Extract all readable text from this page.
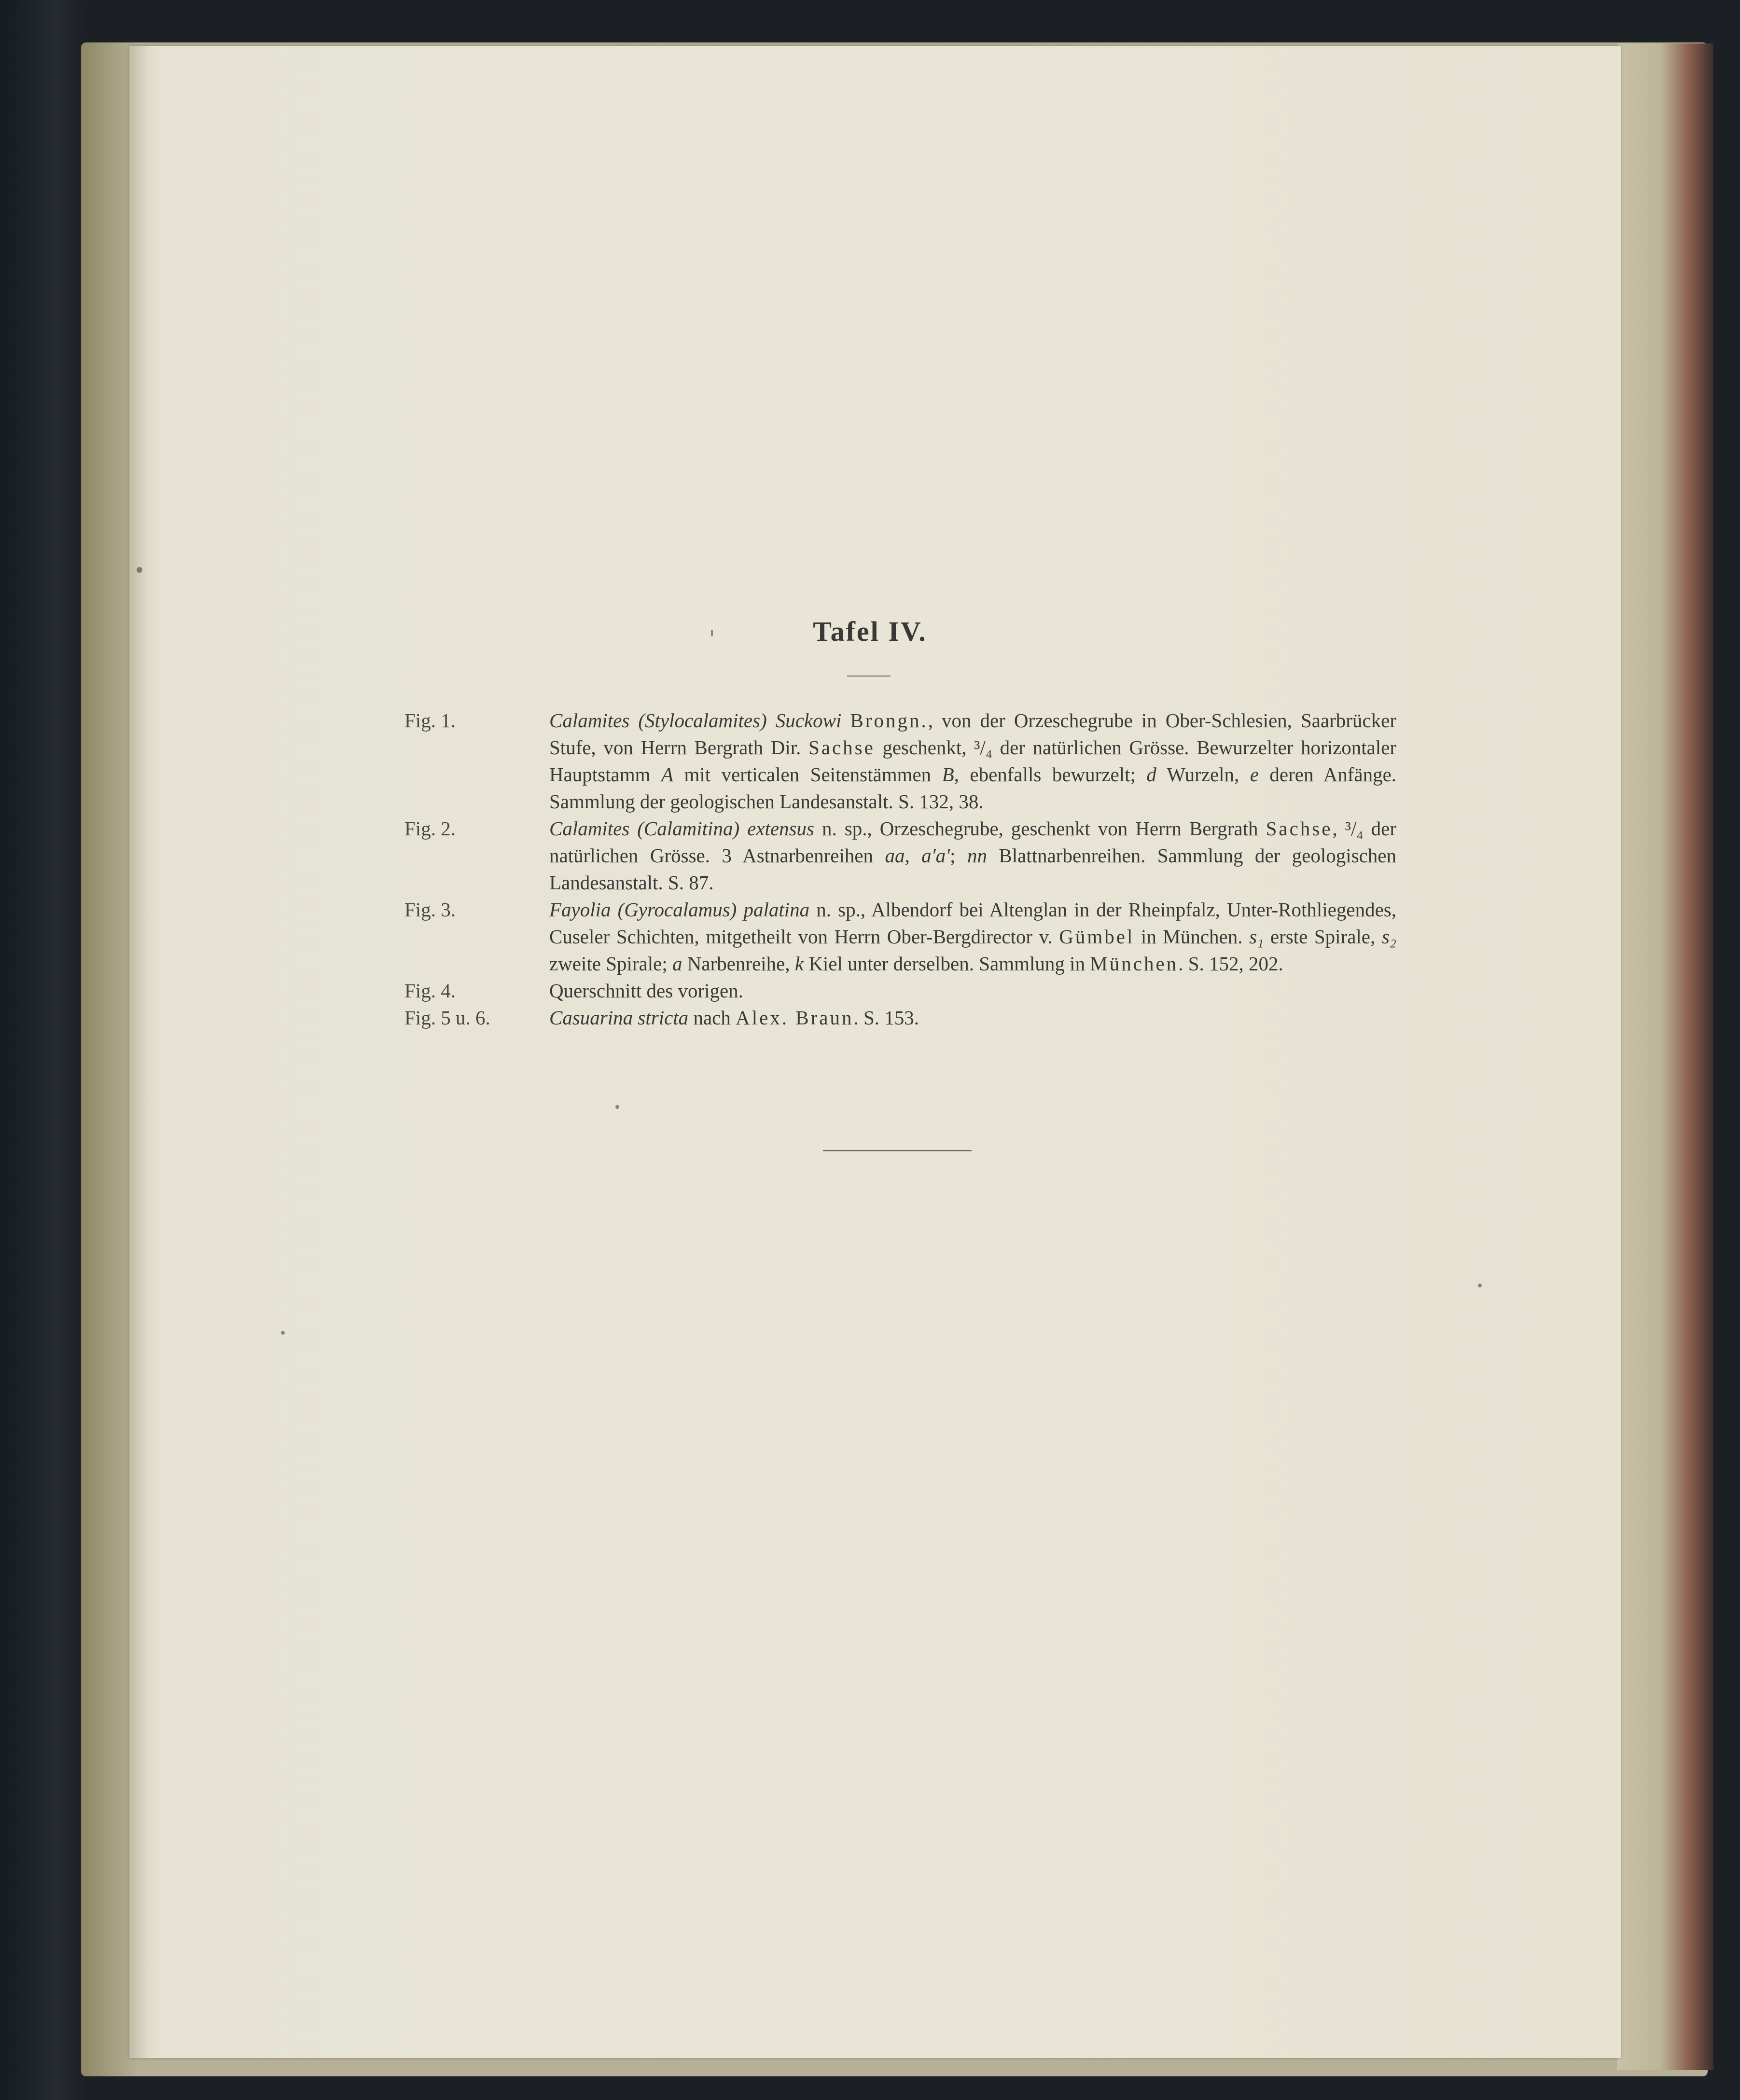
Tafel IV.
Fig. 1.	Calamites (Stylocalamites) Suckowi Brongn., von der Orzeschegrube in Ober-Schlesien, Saarbrücker Stufe, von Herrn Bergrath Dir. Sachse geschenkt, ³/₄ der natürlichen Grösse. Bewurzelter horizontaler Hauptstamm A mit verticalen Seitenstämmen B, ebenfalls bewurzelt; d Wurzeln, e deren Anfänge. Sammlung der geologischen Landesanstalt. S. 132, 38.
Fig. 2.	Calamites (Calamitina) extensus n. sp., Orzeschegrube, geschenkt von Herrn Bergrath Sachse, ³/₄ der natürlichen Grösse. 3 Astnarbenreihen aa, a′a′; nn Blattnarbenreihen. Sammlung der geologischen Landesanstalt. S. 87.
Fig. 3.	Fayolia (Gyrocalamus) palatina n. sp., Albendorf bei Altenglan in der Rheinpfalz, Unter-Rothliegendes, Cuseler Schichten, mitgetheilt von Herrn Ober-Bergdirector v. Gümbel in München. s₁ erste Spirale, s₂ zweite Spirale; a Narbenreihe, k Kiel unter derselben. Sammlung in München. S. 152, 202.
Fig. 4.	Querschnitt des vorigen.
Fig. 5 u. 6.	Casuarina stricta nach Alex. Braun. S. 153.
